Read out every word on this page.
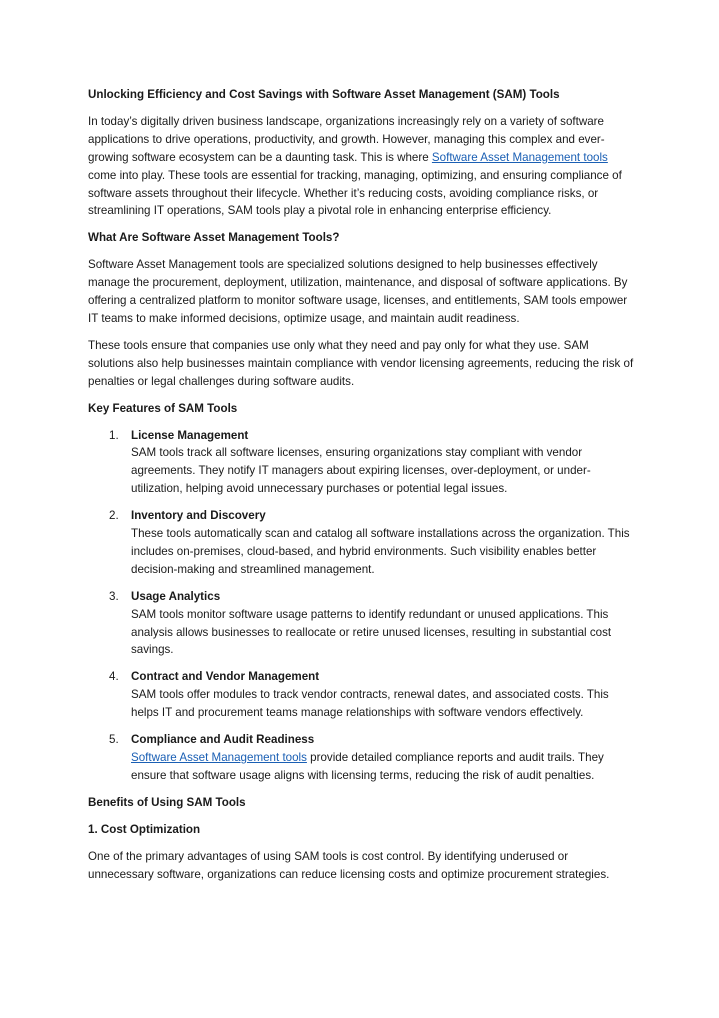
Unlocking Efficiency and Cost Savings with Software Asset Management (SAM) Tools

In today’s digitally driven business landscape, organizations increasingly rely on a variety of software applications to drive operations, productivity, and growth. However, managing this complex and ever-growing software ecosystem can be a daunting task. This is where Software Asset Management tools come into play. These tools are essential for tracking, managing, optimizing, and ensuring compliance of software assets throughout their lifecycle. Whether it’s reducing costs, avoiding compliance risks, or streamlining IT operations, SAM tools play a pivotal role in enhancing enterprise efficiency.

What Are Software Asset Management Tools?

Software Asset Management tools are specialized solutions designed to help businesses effectively manage the procurement, deployment, utilization, maintenance, and disposal of software applications. By offering a centralized platform to monitor software usage, licenses, and entitlements, SAM tools empower IT teams to make informed decisions, optimize usage, and maintain audit readiness.

These tools ensure that companies use only what they need and pay only for what they use. SAM solutions also help businesses maintain compliance with vendor licensing agreements, reducing the risk of penalties or legal challenges during software audits.

Key Features of SAM Tools
1. License Management
SAM tools track all software licenses, ensuring organizations stay compliant with vendor agreements. They notify IT managers about expiring licenses, over-deployment, or under-utilization, helping avoid unnecessary purchases or potential legal issues.
2. Inventory and Discovery
These tools automatically scan and catalog all software installations across the organization. This includes on-premises, cloud-based, and hybrid environments. Such visibility enables better decision-making and streamlined management.
3. Usage Analytics
SAM tools monitor software usage patterns to identify redundant or unused applications. This analysis allows businesses to reallocate or retire unused licenses, resulting in substantial cost savings.
4. Contract and Vendor Management
SAM tools offer modules to track vendor contracts, renewal dates, and associated costs. This helps IT and procurement teams manage relationships with software vendors effectively.
5. Compliance and Audit Readiness
Software Asset Management tools provide detailed compliance reports and audit trails. They ensure that software usage aligns with licensing terms, reducing the risk of audit penalties.
Benefits of Using SAM Tools
1. Cost Optimization

One of the primary advantages of using SAM tools is cost control. By identifying underused or unnecessary software, organizations can reduce licensing costs and optimize procurement strategies.
